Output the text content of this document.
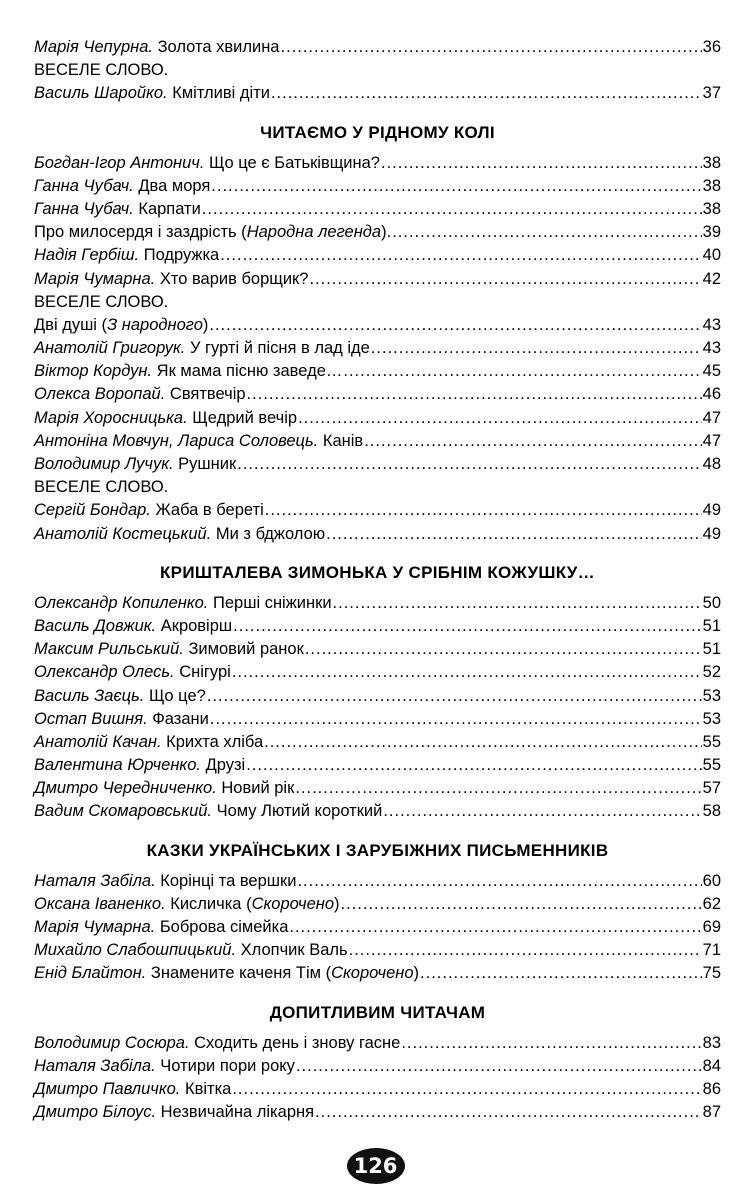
Марія Чепурна. Золота хвилина .....	36
ВЕСЕЛЕ СЛОВО.
Василь Шаройко. Кмітливі діти .....	37
ЧИТАЄМО У РІДНОМУ КОЛІ
Богдан-Ігор Антонич. Що це є Батьківщина? .....	38
Ганна Чубач. Два моря .....	38
Ганна Чубач. Карпати .....	38
Про милосердя і заздрість (Народна легенда). .....	39
Надія Гербіш. Подружка .....	40
Марія Чумарна. Хто варив борщик? .....	42
ВЕСЕЛЕ СЛОВО.
Дві душі (З народного) .....	43
Анатолій Григорук. У гурті й пісня в лад іде .....	43
Віктор Кордун. Як мама пісню заведе… .....	45
Олекса Воропай. Святвечір .....	46
Марія Хоросницька. Щедрий вечір .....	47
Антоніна Мовчун, Лариса Соловець. Канів .....	47
Володимир Лучук. Рушник .....	48
ВЕСЕЛЕ СЛОВО.
Сергій Бондар. Жаба в береті .....	49
Анатолій Костецький. Ми з бджолою .....	49
КРИШТАЛЕВА ЗИМОНЬКА У СРІБНІМ КОЖУШКУ…
Олександр Копиленко. Перші сніжинки .....	50
Василь Довжик. Акровірш .....	51
Максим Рильський. Зимовий ранок .....	51
Олександр Олесь. Снігурі .....	52
Василь Заєць. Що це? .....	53
Остап Вишня. Фазани .....	53
Анатолій Качан. Крихта хліба .....	55
Валентина Юрченко. Друзі .....	55
Дмитро Чередниченко. Новий рік .....	57
Вадим Скомаровський. Чому Лютий короткий .....	58
КАЗКИ УКРАЇНСЬКИХ І ЗАРУБІЖНИХ ПИСЬМЕННИКІВ
Наталя Забіла. Корінці та вершки .....	60
Оксана Іваненко. Кисличка (Скорочено) .....	62
Марія Чумарна. Боброва сімейка .....	69
Михайло Слабошпицький. Хлопчик Валь .....	71
Енід Блайтон. Знамените каченя Тім (Скорочено) .....	75
ДОПИТЛИВИМ ЧИТАЧАМ
Володимир Сосюра. Сходить день і знову гасне .....	83
Наталя Забіла. Чотири пори року .....	84
Дмитро Павличко. Квітка .....	86
Дмитро Білоус. Незвичайна лікарня .....	87
126
